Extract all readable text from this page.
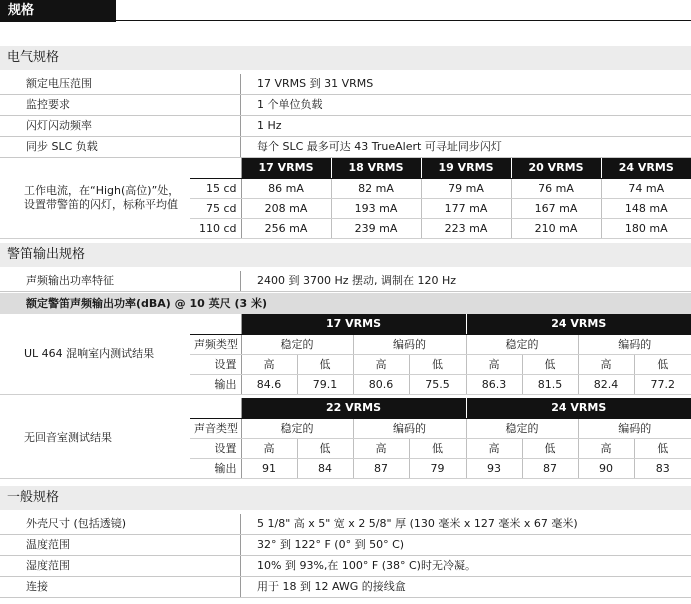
规格
电气规格
额定电压范围	17 VRMS 到 31 VRMS
监控要求	1 个单位负载
闪灯闪动频率	1 Hz
同步 SLC 负载	每个 SLC 最多可达 43 TrueAlert 可寻址同步闪灯
工作电流，在“High(高位)”处，设置带警笛的闪灯，标称平均值		17 VRMS	18 VRMS	19 VRMS	20 VRMS	24 VRMS
	15 cd	86 mA	82 mA	79 mA	76 mA	74 mA
	75 cd	208 mA	193 mA	177 mA	167 mA	148 mA
	110 cd	256 mA	239 mA	223 mA	210 mA	180 mA
警笛输出规格
声频输出功率特征	2400 到 3700 Hz 摆动, 调制在 120 Hz
额定警笛声频输出功率(dBA) @ 10 英尺 (3 米)
UL 464 混响室内测试结果		17 VRMS				24 VRMS			
	声频类型	稳定的		编码的		稳定的		编码的	
	设置	高	低	高	低	高	低	高	低
	输出	84.6	79.1	80.6	75.5	86.3	81.5	82.4	77.2
无回音室测试结果		22 VRMS				24 VRMS			
	声音类型	稳定的		编码的		稳定的		编码的	
	设置	高	低	高	低	高	低	高	低
	输出	91	84	87	79	93	87	90	83
一般规格
外壳尺寸 (包括透镜)	5 1/8" 高 x 5" 宽 x 2 5/8" 厚 (130 毫米 x 127 毫米 x 67 毫米)
温度范围	32° 到 122° F (0° 到 50° C)
湿度范围	10% 到 93%,在 100° F (38° C)时无冷凝。
连接	用于 18 到 12 AWG 的接线盒
